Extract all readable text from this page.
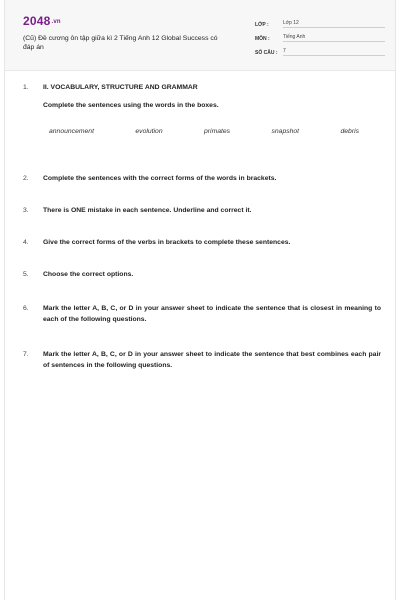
2048.vn
(Cũ) Đề cương ôn tập giữa kì 2 Tiếng Anh 12 Global Success có đáp án
LỚP :	Lớp 12
MÔN :	Tiếng Anh
SỐ CÂU :	7
1.	II. VOCABULARY, STRUCTURE AND GRAMMAR
Complete the sentences using the words in the boxes.
announcement	evolution	primates	snapshot	debris
2.	Complete the sentences with the correct forms of the words in brackets.
3.	There is ONE mistake in each sentence. Underline and correct it.
4.	Give the correct forms of the verbs in brackets to complete these sentences.
5.	Choose the correct options.
6.	Mark the letter A, B, C, or D in your answer sheet to indicate the sentence that is closest in meaning to each of the following questions.
7.	Mark the letter A, B, C, or D in your answer sheet to indicate the sentence that best combines each pair of sentences in the following questions.
